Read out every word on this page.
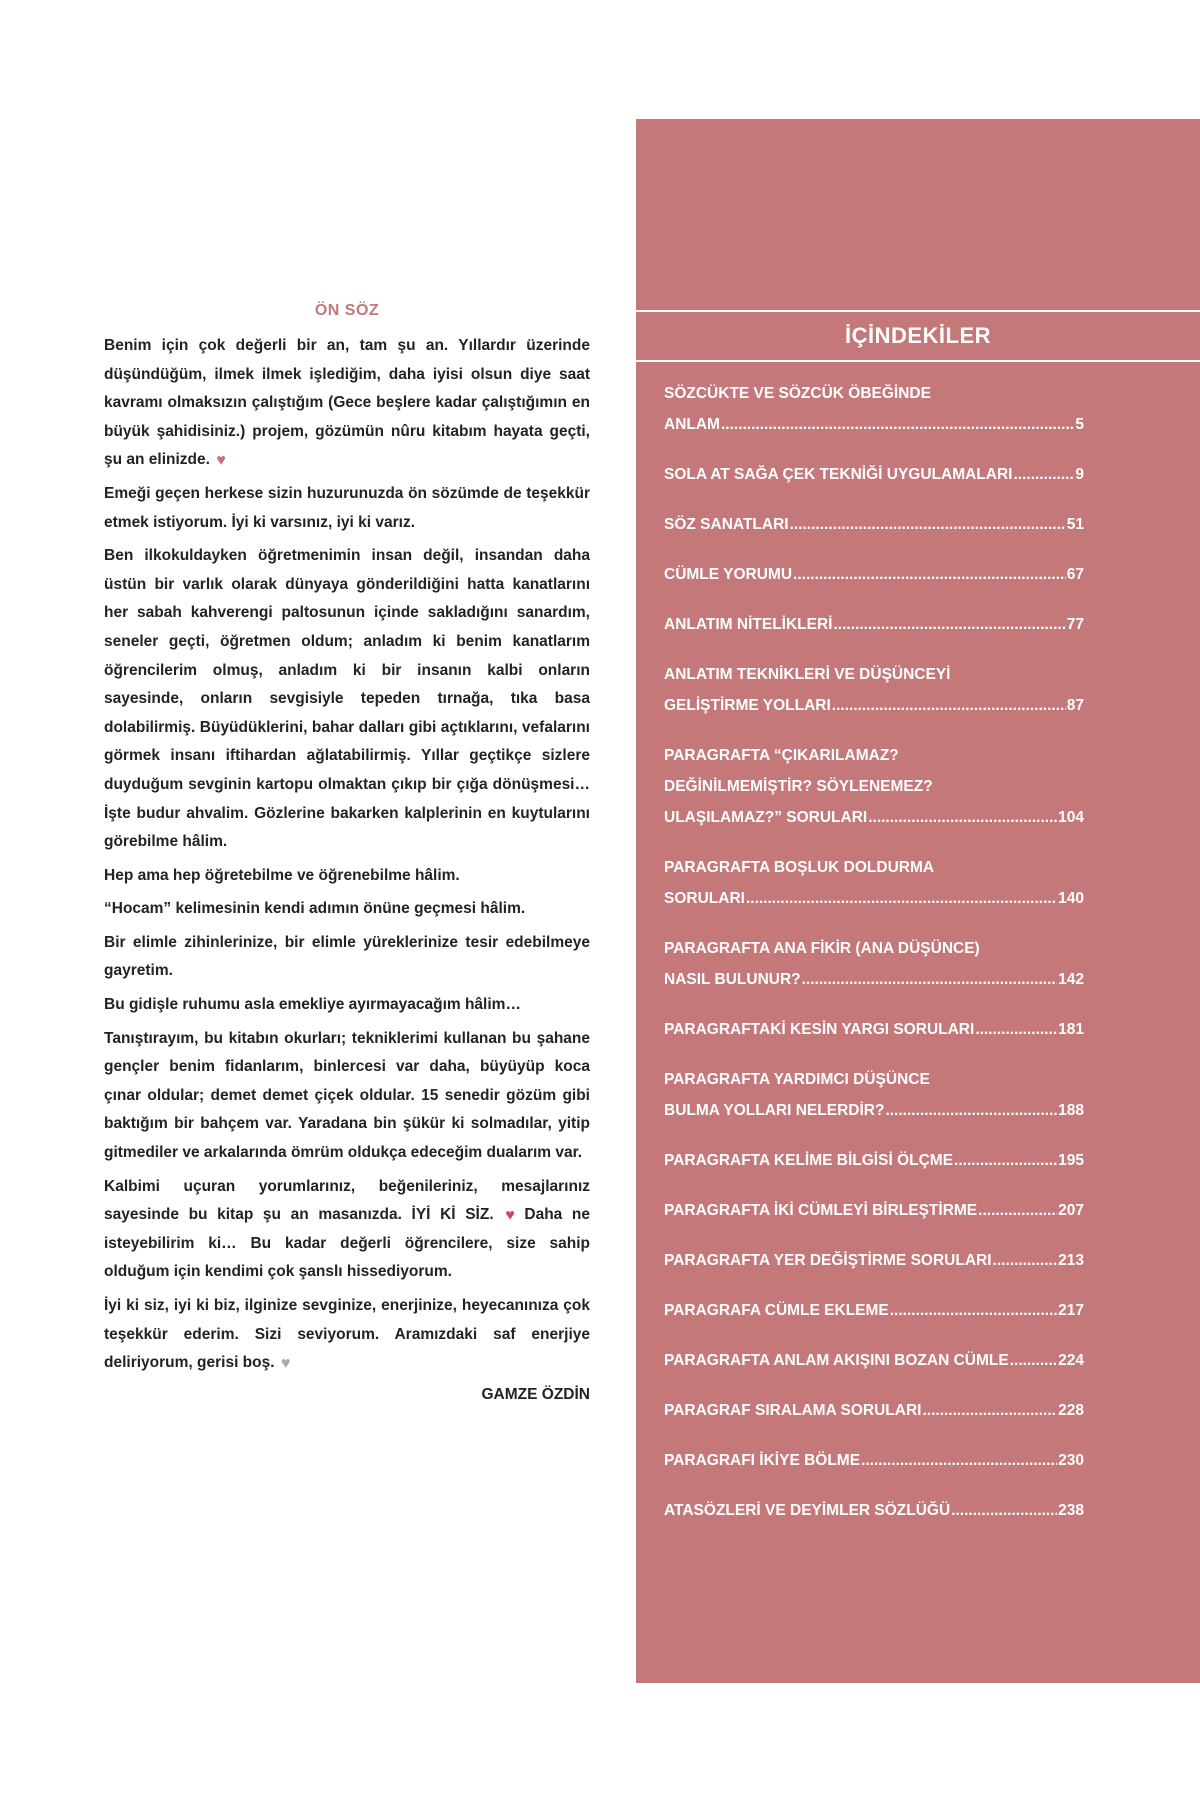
ÖN SÖZ

Benim için çok değerli bir an, tam şu an. Yıllardır üzerinde düşündüğüm, ilmek ilmek işlediğim, daha iyisi olsun diye saat kavramı olmaksızın çalıştığım (Gece beşlere kadar çalıştığımın en büyük şahidisiniz.) projem, gözümün nûru kitabım hayata geçti, şu an elinizde. ♥

Emeği geçen herkese sizin huzurunuzda ön sözümde de teşekkür etmek istiyorum. İyi ki varsınız, iyi ki varız.

Ben ilkokuldayken öğretmenimin insan değil, insandan daha üstün bir varlık olarak dünyaya gönderildiğini hatta kanatlarını her sabah kahverengi paltosunun içinde sakladığını sanardım, seneler geçti, öğretmen oldum; anladım ki benim kanatlarım öğrencilerim olmuş, anladım ki bir insanın kalbi onların sayesinde, onların sevgisiyle tepeden tırnağa, tıka basa dolabilirmiş. Büyüdüklerini, bahar dalları gibi açtıklarını, vefalarını görmek insanı iftihardan ağlatabilirmiş. Yıllar geçtikçe sizlere duyduğum sevginin kartopu olmaktan çıkıp bir çığa dönüşmesi… İşte budur ahvalim. Gözlerine bakarken kalplerinin en kuytularını görebilme hâlim.

Hep ama hep öğretebilme ve öğrenebilme hâlim.

“Hocam” kelimesinin kendi adımın önüne geçmesi hâlim.

Bir elimle zihinlerinize, bir elimle yüreklerinize tesir edebilmeye gayretim.

Bu gidişle ruhumu asla emekliye ayırmayacağım hâlim…

Tanıştırayım, bu kitabın okurları; tekniklerimi kullanan bu şahane gençler benim fidanlarım, binlercesi var daha, büyüyüp koca çınar oldular; demet demet çiçek oldular. 15 senedir gözüm gibi baktığım bir bahçem var. Yaradana bin şükür ki solmadılar, yitip gitmediler ve arkalarında ömrüm oldukça edeceğim dualarım var.

Kalbimi uçuran yorumlarınız, beğenileriniz, mesajlarınız sayesinde bu kitap şu an masanızda. İYİ Kİ SİZ. ♥ Daha ne isteyebilirim ki… Bu kadar değerli öğrencilere, size sahip olduğum için kendimi çok şanslı hissediyorum.

İyi ki siz, iyi ki biz, ilginize sevginize, enerjinize, heyecanınıza çok teşekkür ederim. Sizi seviyorum. Aramızdaki saf enerjiye deliriyorum, gerisi boş. ♥

GAMZE ÖZDİN
İÇİNDEKİLER
SÖZCÜKTE VE SÖZCÜK ÖBEĞİNDE
ANLAM .....	5
SOLA AT SAĞA ÇEK TEKNİĞİ UYGULAMALARI .....	9
SÖZ SANATLARI .....	51
CÜMLE YORUMU .....	67
ANLATIM NİTELİKLERİ .....	77
ANLATIM TEKNİKLERİ VE DÜŞÜNCEYİ
GELİŞTİRME YOLLARI .....	87
PARAGRAFTA “ÇIKARILAMAZ?
DEĞİNİLMEMİŞTİR? SÖYLENEMEZ?
ULAŞILAMAZ?” SORULARI .....	104
PARAGRAFTA BOŞLUK DOLDURMA
SORULARI .....	140
PARAGRAFTA ANA FİKİR (ANA DÜŞÜNCE)
NASIL BULUNUR? .....	142
PARAGRAFTAKİ KESİN YARGI SORULARI .....	181
PARAGRAFTA YARDIMCI DÜŞÜNCE
BULMA YOLLARI NELERDİR? .....	188
PARAGRAFTA KELİME BİLGİSİ ÖLÇME .....	195
PARAGRAFTA İKİ CÜMLEYİ BİRLEŞTİRME .....	207
PARAGRAFTA YER DEĞİŞTİRME SORULARI .....	213
PARAGRAFA CÜMLE EKLEME .....	217
PARAGRAFTA ANLAM AKIŞINI BOZAN CÜMLE .....	224
PARAGRAF SIRALAMA SORULARI .....	228
PARAGRAFI İKİYE BÖLME .....	230
ATASÖZLERİ VE DEYİMLER SÖZLÜĞÜ .....	238
